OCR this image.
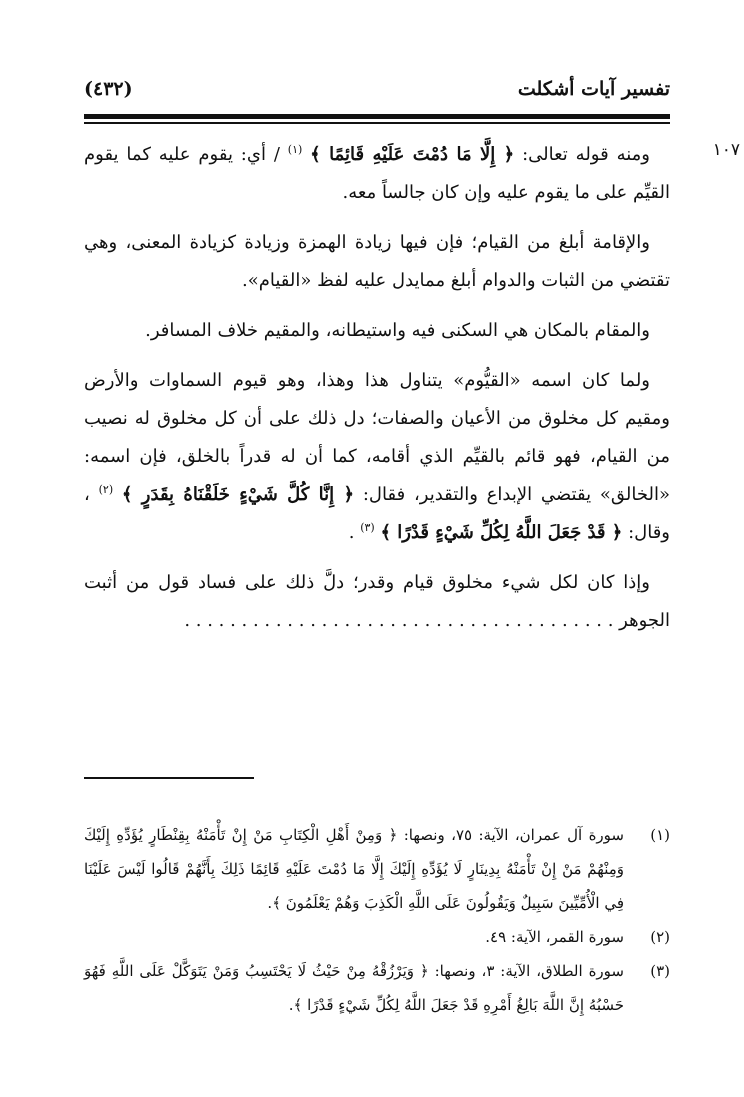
تفسير آيات أشكلت
(٤٣٢)
١٠٧

ومنه قوله تعالى: ﴿ إِلَّا مَا دُمْتَ عَلَيْهِ قَائِمًا ﴾ $^{(١)}$ / أي: يقوم عليه كما يقوم القيِّم على ما يقوم عليه وإن كان جالساً معه.

والإقامة أبلغ من القيام؛ فإن فيها زيادة الهمزة وزيادة كزيادة المعنى، وهي تقتضي من الثبات والدوام أبلغ ممايدل عليه لفظ «القيام».

والمقام بالمكان هي السكنى فيه واستيطانه، والمقيم خلاف المسافر.

ولما كان اسمه «القيُّوم» يتناول هذا وهذا، وهو قيوم السماوات والأرض ومقيم كل مخلوق من الأعيان والصفات؛ دل ذلك على أن كل مخلوق له نصيب من القيام، فهو قائم بالقيِّم الذي أقامه، كما أن له قدراً بالخلق، فإن اسمه: «الخالق» يقتضي الإبداع والتقدير، فقال: ﴿ إِنَّا كُلَّ شَيْءٍ خَلَقْنَاهُ بِقَدَرٍ ﴾ $^{(٢)}$ ، وقال: ﴿ قَدْ جَعَلَ اللَّهُ لِكُلِّ شَيْءٍ قَدْرًا ﴾ $^{(٣)}$ .

وإذا كان لكل شيء مخلوق قيام وقدر؛ دلَّ ذلك على فساد قول من أثبت الجوهر . . . . . . . . . . . . . . . . . . . . . . . . . . . . . . . . . . . . . .

(١)
سورة آل عمران، الآية: ٧٥، ونصها: ﴿ وَمِنْ أَهْلِ الْكِتَابِ مَنْ إِنْ تَأْمَنْهُ بِقِنْطَارٍ يُؤَدِّهِ إِلَيْكَ وَمِنْهُمْ مَنْ إِنْ تَأْمَنْهُ بِدِينَارٍ لَا يُؤَدِّهِ إِلَيْكَ إِلَّا مَا دُمْتَ عَلَيْهِ قَائِمًا ذَلِكَ بِأَنَّهُمْ قَالُوا لَيْسَ عَلَيْنَا فِي الْأُمِّيِّينَ سَبِيلٌ وَيَقُولُونَ عَلَى اللَّهِ الْكَذِبَ وَهُمْ يَعْلَمُونَ ﴾.
(٢)
سورة القمر، الآية: ٤٩.
(٣)
سورة الطلاق، الآية: ٣، ونصها: ﴿ وَيَرْزُقْهُ مِنْ حَيْثُ لَا يَحْتَسِبُ وَمَنْ يَتَوَكَّلْ عَلَى اللَّهِ فَهُوَ حَسْبُهُ إِنَّ اللَّهَ بَالِغُ أَمْرِهِ قَدْ جَعَلَ اللَّهُ لِكُلِّ شَيْءٍ قَدْرًا ﴾.
